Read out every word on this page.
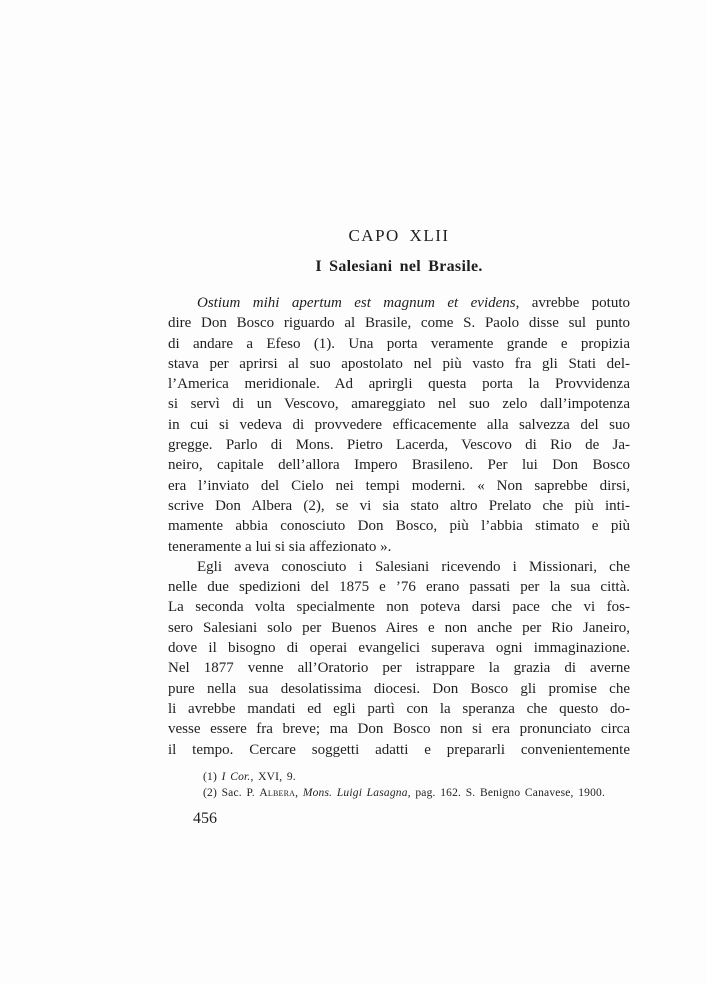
CAPO XLII
I Salesiani nel Brasile.
Ostium mihi apertum est magnum et evidens, avrebbe potuto
dire Don Bosco riguardo al Brasile, come S. Paolo disse sul punto
di andare a Efeso (1). Una porta veramente grande e propizia
stava per aprirsi al suo apostolato nel più vasto fra gli Stati del-
l’America meridionale. Ad aprirgli questa porta la Provvidenza
si servì di un Vescovo, amareggiato nel suo zelo dall’impotenza
in cui si vedeva di provvedere efficacemente alla salvezza del suo
gregge. Parlo di Mons. Pietro Lacerda, Vescovo di Rio de Ja-
neiro, capitale dell’allora Impero Brasileno. Per lui Don Bosco
era l’inviato del Cielo nei tempi moderni. « Non saprebbe dirsi,
scrive Don Albera (2), se vi sia stato altro Prelato che più inti-
mamente abbia conosciuto Don Bosco, più l’abbia stimato e più
teneramente a lui si sia affezionato ».
Egli aveva conosciuto i Salesiani ricevendo i Missionari, che
nelle due spedizioni del 1875 e ’76 erano passati per la sua città.
La seconda volta specialmente non poteva darsi pace che vi fos-
sero Salesiani solo per Buenos Aires e non anche per Rio Janeiro,
dove il bisogno di operai evangelici superava ogni immaginazione.
Nel 1877 venne all’Oratorio per istrappare la grazia di averne
pure nella sua desolatissima diocesi. Don Bosco gli promise che
li avrebbe mandati ed egli partì con la speranza che questo do-
vesse essere fra breve; ma Don Bosco non si era pronunciato circa
il tempo. Cercare soggetti adatti e prepararli convenientemente
(1) I Cor., XVI, 9.
(2) Sac. P. Albera, Mons. Luigi Lasagna, pag. 162. S. Benigno Canavese, 1900.
456
